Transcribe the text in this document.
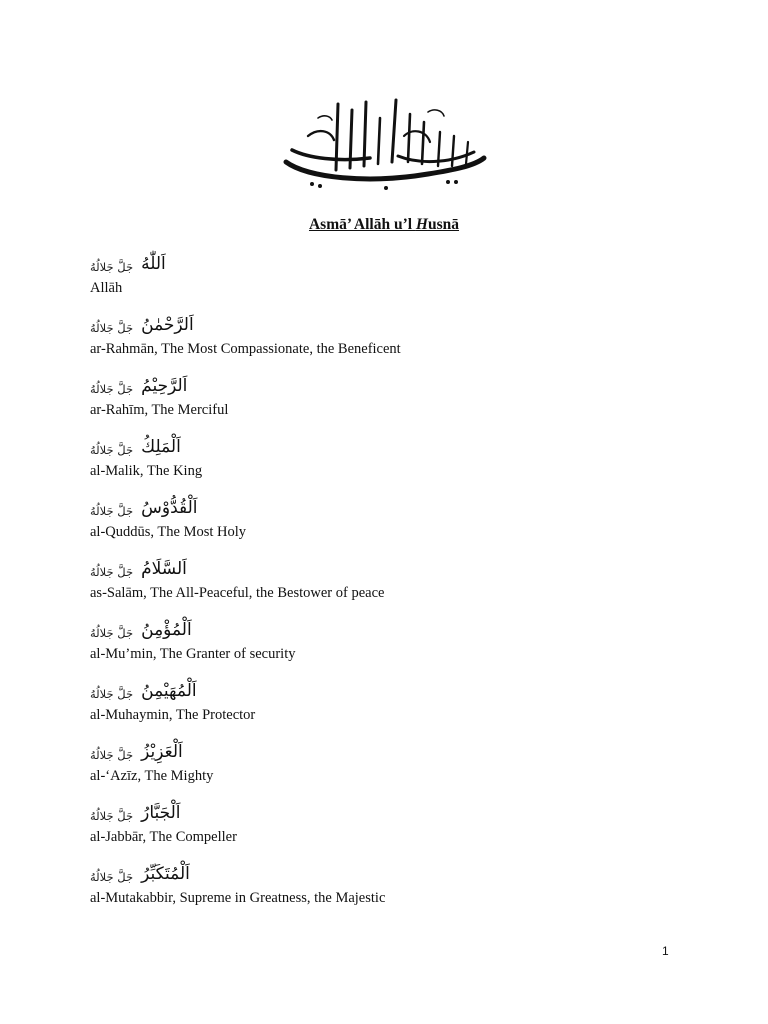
Asmā’ Allāh u’l Husnā
جَلَّ جَلالُهُ اَللّٰهُ
Allāh
جَلَّ جَلالُهُ اَلرَّحْمٰنُ
ar-Rahmān, The Most Compassionate, the Beneficent
جَلَّ جَلالُهُ اَلرَّحِيْمُ
ar-Rahīm, The Merciful
جَلَّ جَلالُهُ اَلْمَلِكُ
al-Malik, The King
جَلَّ جَلالُهُ اَلْقُدُّوْسُ
al-Quddūs, The Most Holy
جَلَّ جَلالُهُ اَلسَّلَامُ
as-Salām, The All-Peaceful, the Bestower of peace
جَلَّ جَلالُهُ اَلْمُؤْمِنُ
al-Mu’min, The Granter of security
جَلَّ جَلالُهُ اَلْمُهَيْمِنُ
al-Muhaymin, The Protector
جَلَّ جَلالُهُ اَلْعَزِيْزُ
al-‘Azīz, The Mighty
جَلَّ جَلالُهُ اَلْجَبَّارُ
al-Jabbār, The Compeller
جَلَّ جَلالُهُ اَلْمُتَكَبِّرُ
al-Mutakabbir, Supreme in Greatness, the Majestic
1
